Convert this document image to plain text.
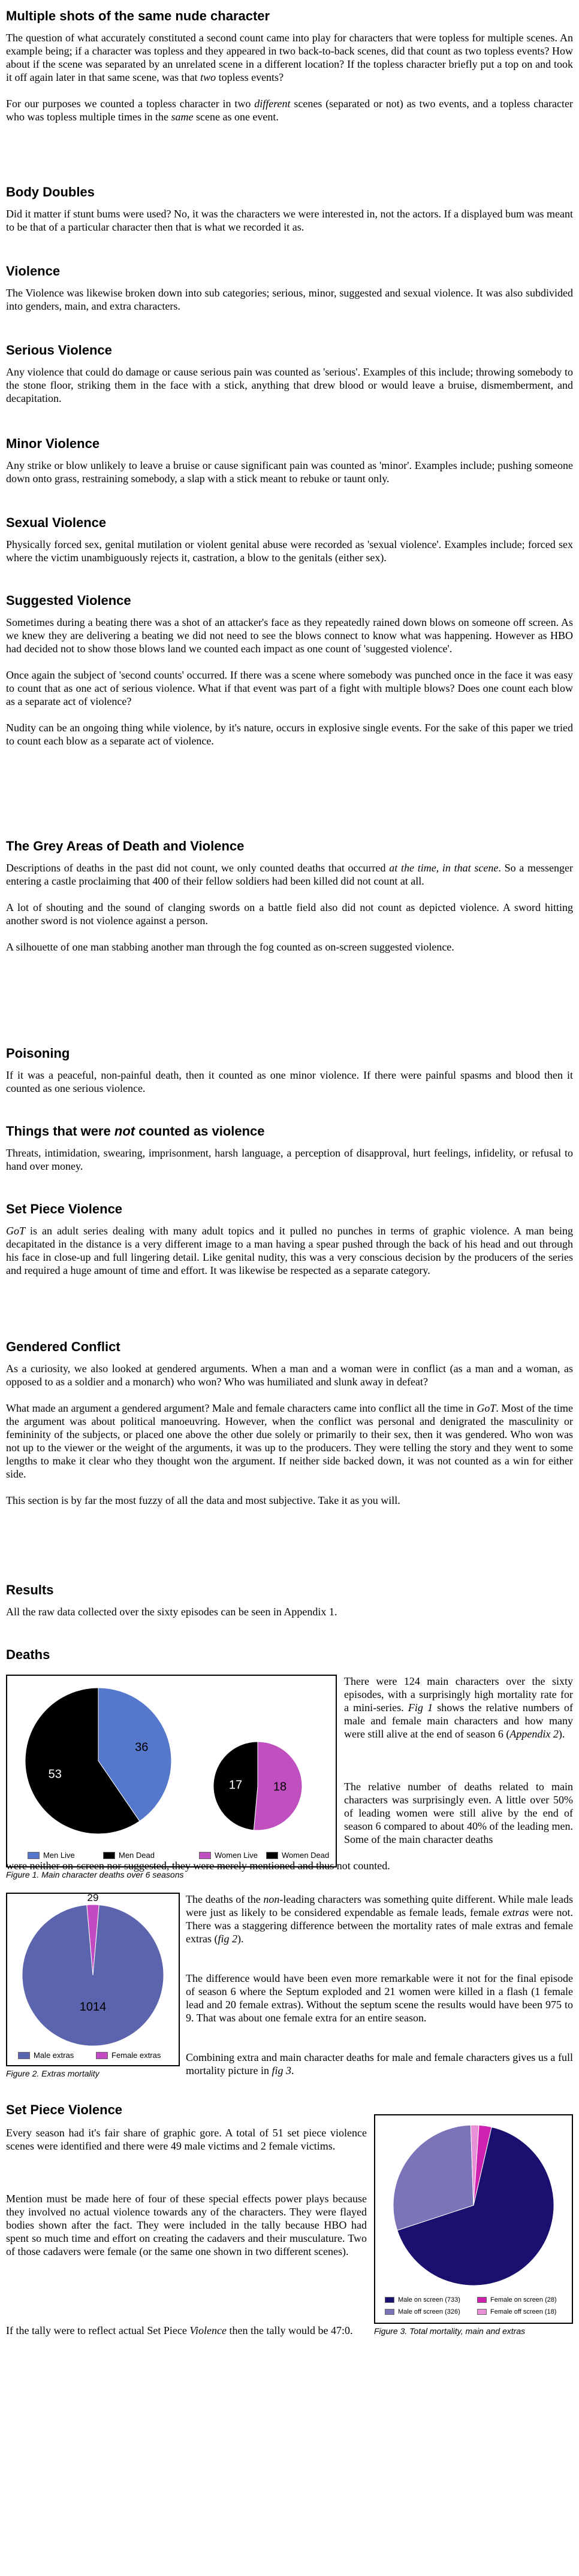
Multiple shots of the same nude character

The question of what accurately constituted a second count came into play for characters that were topless for multiple scenes. An example being; if a character was topless and they appeared in two back-to-back scenes, did that count as two topless events? How about if the scene was separated by an unrelated scene in a different location? If the topless character briefly put a top on and took it off again later in that same scene, was that two topless events?

For our purposes we counted a topless character in two different scenes (separated or not) as two events, and a topless character who was topless multiple times in the same scene as one event.

Body Doubles

Did it matter if stunt bums were used? No, it was the characters we were interested in, not the actors. If a displayed bum was meant to be that of a particular character then that is what we recorded it as.

Violence

The Violence was likewise broken down into sub categories; serious, minor, suggested and sexual violence. It was also subdivided into genders, main, and extra characters.

Serious Violence

Any violence that could do damage or cause serious pain was counted as 'serious'. Examples of this include; throwing somebody to the stone floor, striking them in the face with a stick, anything that drew blood or would leave a bruise, dismemberment, and decapitation.

Minor Violence

Any strike or blow unlikely to leave a bruise or cause significant pain was counted as 'minor'. Examples include; pushing someone down onto grass, restraining somebody, a slap with a stick meant to rebuke or taunt only.

Sexual Violence

Physically forced sex, genital mutilation or violent genital abuse were recorded as 'sexual violence'. Examples include; forced sex where the victim unambiguously rejects it, castration, a blow to the genitals (either sex).

Suggested Violence

Sometimes during a beating there was a shot of an attacker's face as they repeatedly rained down blows on someone off screen. As we knew they are delivering a beating we did not need to see the blows connect to know what was happening. However as HBO had decided not to show those blows land we counted each impact as one count of 'suggested violence'.

Once again the subject of 'second counts' occurred. If there was a scene where somebody was punched once in the face it was easy to count that as one act of serious violence. What if that event was part of a fight with multiple blows? Does one count each blow as a separate act of violence?

Nudity can be an ongoing thing while violence, by it's nature, occurs in explosive single events. For the sake of this paper we tried to count each blow as a separate act of violence.

The Grey Areas of Death and Violence

Descriptions of deaths in the past did not count, we only counted deaths that occurred at the time, in that scene. So a messenger entering a castle proclaiming that 400 of their fellow soldiers had been killed did not count at all.

A lot of shouting and the sound of clanging swords on a battle field also did not count as depicted violence. A sword hitting another sword is not violence against a person.

A silhouette of one man stabbing another man through the fog counted as on-screen suggested violence.

Poisoning

If it was a peaceful, non-painful death, then it counted as one minor violence. If there were painful spasms and blood then it counted as one serious violence.

Things that were not counted as violence

Threats, intimidation, swearing, imprisonment, harsh language, a perception of disapproval, hurt feelings, infidelity, or refusal to hand over money.

Set Piece Violence

GoT is an adult series dealing with many adult topics and it pulled no punches in terms of graphic violence. A man being decapitated in the distance is a very different image to a man having a spear pushed through the back of his head and out through his face in close-up and full lingering detail. Like genital nudity, this was a very conscious decision by the producers of the series and required a huge amount of time and effort. It was likewise be respected as a separate category.

Gendered Conflict

As a curiosity, we also looked at gendered arguments. When a man and a woman were in conflict (as a man and a woman, as opposed to as a soldier and a monarch) who won? Who was humiliated and slunk away in defeat?

What made an argument a gendered argument? Male and female characters came into conflict all the time in GoT. Most of the time the argument was about political manoeuvring. However, when the conflict was personal and denigrated the masculinity or femininity of the subjects, or placed one above the other due solely or primarily to their sex, then it was gendered. Who won was not up to the viewer or the weight of the arguments, it was up to the producers. They were telling the story and they went to some lengths to make it clear who they thought won the argument. If neither side backed down, it was not counted as a win for either side.

This section is by far the most fuzzy of all the data and most subjective. Take it as you will.

Results

All the raw data collected over the sixty episodes can be seen in Appendix 1.

Deaths
36
53
18
17
Men Live	Men Dead	Women Live	Women Dead
Figure 1. Main character deaths over 6 seasons
There were 124 main characters over the sixty episodes, with a surprisingly high mortality rate for a mini-series. Fig 1 shows the relative numbers of male and female main characters and how many were still alive at the end of season 6 (Appendix 2).
The relative number of deaths related to main characters was surprisingly even. A little over 50% of leading women were still alive by the end of season 6 compared to about 40% of the leading men. Some of the main character deaths
were neither on-screen nor suggested, they were merely mentioned and thus not counted.
1014
29
Male extras	Female extras
Figure 2. Extras mortality
The deaths of the non-leading characters was something quite different. While male leads were just as likely to be considered expendable as female leads, female extras were not. There was a staggering difference between the mortality rates of male extras and female extras (fig 2).
The difference would have been even more remarkable were it not for the final episode of season 6 where the Septum exploded and 21 women were killed in a flash (1 female lead and 20 female extras). Without the septum scene the results would have been 975 to 9. That was about one female extra for an entire season.
Combining extra and main character deaths for male and female characters gives us a full mortality picture in fig 3.
Set Piece Violence
Every season had it's fair share of graphic gore. A total of 51 set piece violence scenes were identified and there were 49 male victims and 2 female victims.
Mention must be made here of four of these special effects power plays because they involved no actual violence towards any of the characters. They were flayed bodies shown after the fact. They were included in the tally because HBO had spent so much time and effort on creating the cadavers and their musculature. Two of those cadavers were female (or the same one shown in two different scenes).
If the tally were to reflect actual Set Piece Violence then the tally would be 47:0.
Male on screen (733)	Female on screen (28)
Male off screen (326)	Female off screen (18)
Figure 3. Total mortality, main and extras
